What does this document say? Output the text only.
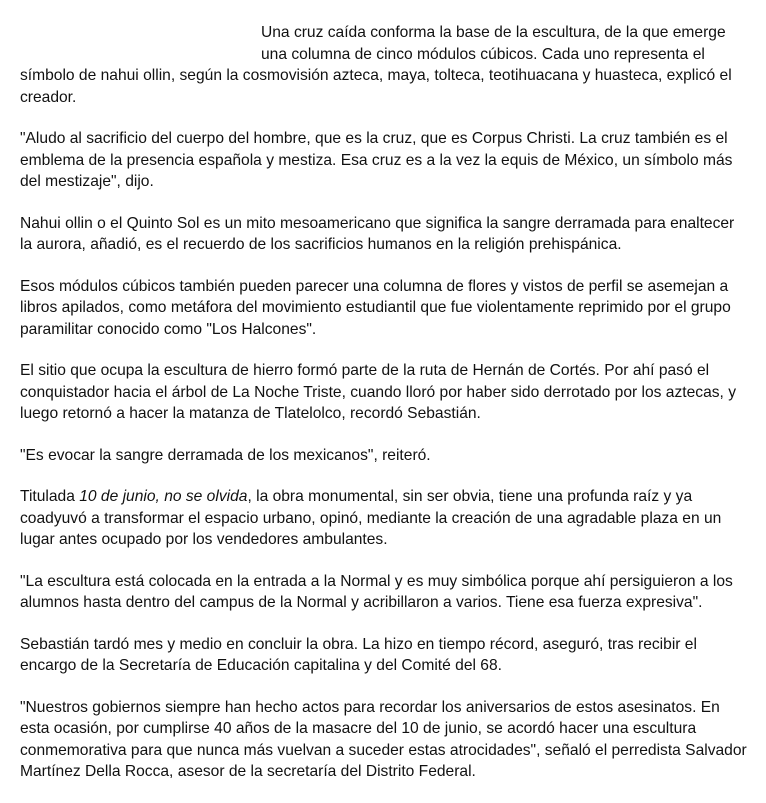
Una cruz caída conforma la base de la escultura, de la que emerge
una columna de cinco módulos cúbicos. Cada uno representa el
símbolo de nahui ollin, según la cosmovisión azteca, maya, tolteca, teotihuacana y huasteca, explicó el
creador.
"Aludo al sacrificio del cuerpo del hombre, que es la cruz, que es Corpus Christi. La cruz también es el
emblema de la presencia española y mestiza. Esa cruz es a la vez la equis de México, un símbolo más
del mestizaje", dijo.
Nahui ollin o el Quinto Sol es un mito mesoamericano que significa la sangre derramada para enaltecer
la aurora, añadió, es el recuerdo de los sacrificios humanos en la religión prehispánica.
Esos módulos cúbicos también pueden parecer una columna de flores y vistos de perfil se asemejan a
libros apilados, como metáfora del movimiento estudiantil que fue violentamente reprimido por el grupo
paramilitar conocido como "Los Halcones".
El sitio que ocupa la escultura de hierro formó parte de la ruta de Hernán de Cortés. Por ahí pasó el
conquistador hacia el árbol de La Noche Triste, cuando lloró por haber sido derrotado por los aztecas, y
luego retornó a hacer la matanza de Tlatelolco, recordó Sebastián.
"Es evocar la sangre derramada de los mexicanos", reiteró.
Titulada 10 de junio, no se olvida, la obra monumental, sin ser obvia, tiene una profunda raíz y ya
coadyuvó a transformar el espacio urbano, opinó, mediante la creación de una agradable plaza en un
lugar antes ocupado por los vendedores ambulantes.
"La escultura está colocada en la entrada a la Normal y es muy simbólica porque ahí persiguieron a los
alumnos hasta dentro del campus de la Normal y acribillaron a varios. Tiene esa fuerza expresiva".
Sebastián tardó mes y medio en concluir la obra. La hizo en tiempo récord, aseguró, tras recibir el
encargo de la Secretaría de Educación capitalina y del Comité del 68.
"Nuestros gobiernos siempre han hecho actos para recordar los aniversarios de estos asesinatos. En
esta ocasión, por cumplirse 40 años de la masacre del 10 de junio, se acordó hacer una escultura
conmemorativa para que nunca más vuelvan a suceder estas atrocidades", señaló el perredista Salvador
Martínez Della Rocca, asesor de la secretaría del Distrito Federal.
